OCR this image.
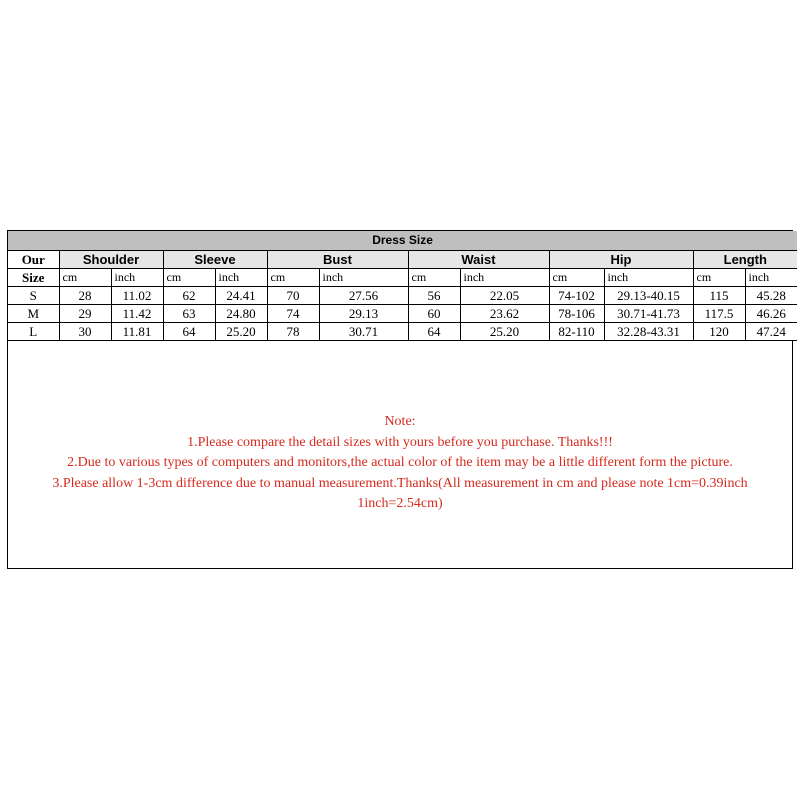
Dress Size												
Our	Shoulder		Sleeve		Bust		Waist		Hip		Length	
Size	cm	inch	cm	inch	cm	inch	cm	inch	cm	inch	cm	inch
S	28	11.02	62	24.41	70	27.56	56	22.05	74-102	29.13-40.15	115	45.28
M	29	11.42	63	24.80	74	29.13	60	23.62	78-106	30.71-41.73	117.5	46.26
L	30	11.81	64	25.20	78	30.71	64	25.20	82-110	32.28-43.31	120	47.24
Note:
1.Please compare the detail sizes with yours before you purchase. Thanks!!!
2.Due to various types of computers and monitors,the actual color of the item may be a little different form the picture.
3.Please allow 1-3cm difference due to manual measurement.Thanks(All measurement in cm and please note 1cm=0.39inch
1inch=2.54cm)
